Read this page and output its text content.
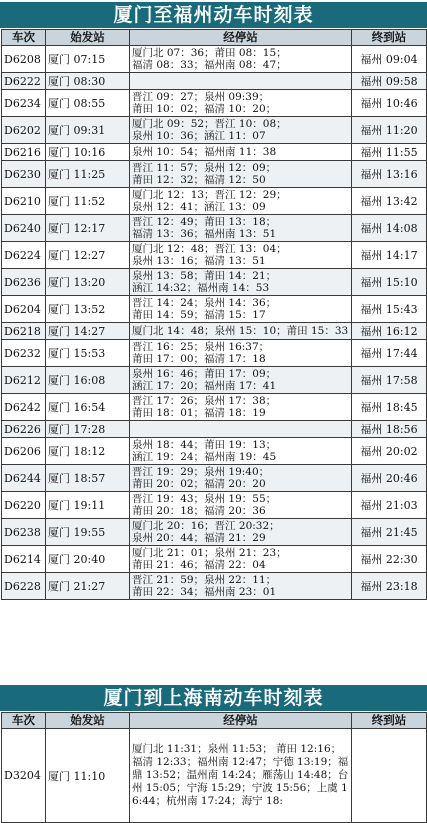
厦门至福州动车时刻表
车次	始发站	经停站	终到站
D6208	厦门 07:15	厦门北 07：36；莆田 08：15；
福清 08：33；福州南 08：47；	福州 09:04
D6222	厦门 08:30		福州 09:58
D6234	厦门 08:55	晋江 09：27；泉州 09:39；
莆田 10：02；福清 10：20；	福州 10:46
D6202	厦门 09:31	厦门北 09：52；晋江 10：08；
泉州 10：36；涵江 11：07	福州 11:20
D6216	厦门 10:16	泉州 10：54；福州南 11：38	福州 11:55
D6230	厦门 11:25	晋江 11：57；泉州 12：09；
莆田 12：32；福清 12：50	福州 13:16
D6210	厦门 11:52	厦门北 12：13；晋江 12：29；
泉州 12：41；涵江 13：09	福州 13:42
D6240	厦门 12:17	晋江 12：49；莆田 13：18；
福清 13：36；福州南 13：51	福州 14:08
D6224	厦门 12:27	厦门北 12：48；晋江 13：04；
泉州 13：16；福清 13：51	福州 14:17
D6236	厦门 13:20	泉州 13：58；莆田 14：21；
涵江 14:32；福州南 14：53	福州 15:10
D6204	厦门 13:52	晋江 14：24；泉州 14：36；
莆田 14：59；福清 15：17	福州 15:43
D6218	厦门 14:27	厦门北 14：48；泉州 15：10；莆田 15：33	福州 16:12
D6232	厦门 15:53	晋江 16：25；泉州 16:37；
莆田 17：00；福清 17：18	福州 17:44
D6212	厦门 16:08	泉州 16：46；莆田 17：09；
涵江 17：20；福州南 17：41	福州 17:58
D6242	厦门 16:54	晋江 17：26；泉州 17：38；
莆田 18：01；福清 18：19	福州 18:45
D6226	厦门 17:28		福州 18:56
D6206	厦门 18:12	泉州 18：44；莆田 19：13；
涵江 19：24；福州南 19：45	福州 20:02
D6244	厦门 18:57	晋江 19：29；泉州 19:40；
莆田 20：02；福清 20：20	福州 20:46
D6220	厦门 19:11	晋江 19：43；泉州 19：55；
莆田 20：18；福清 20：36	福州 21:03
D6238	厦门 19:55	厦门北 20：16；晋江 20:32；
泉州 20：44；福清 21：29	福州 21:45
D6214	厦门 20:40	厦门北 21：01；泉州 21：23；
莆田 21：46；福清 22：04	福州 22:30
D6228	厦门 21:27	晋江 21：59；泉州 22：11；
莆田 22：34；福州南 23：01	福州 23:18
厦门到上海南动车时刻表
车次	始发站	经停站	终到站
D3204	厦门 11:10	厦门北 11:31；泉州 11:53； 莆田 12:16；福清 12:33；福州南 12:47；宁德 13:19；福鼎 13:52；温州南 14:24；雁荡山 14:48；台州 15:05；宁海 15:29；宁波 15:56；上虞 16:44；杭州南 17:24；海宁 18:	
